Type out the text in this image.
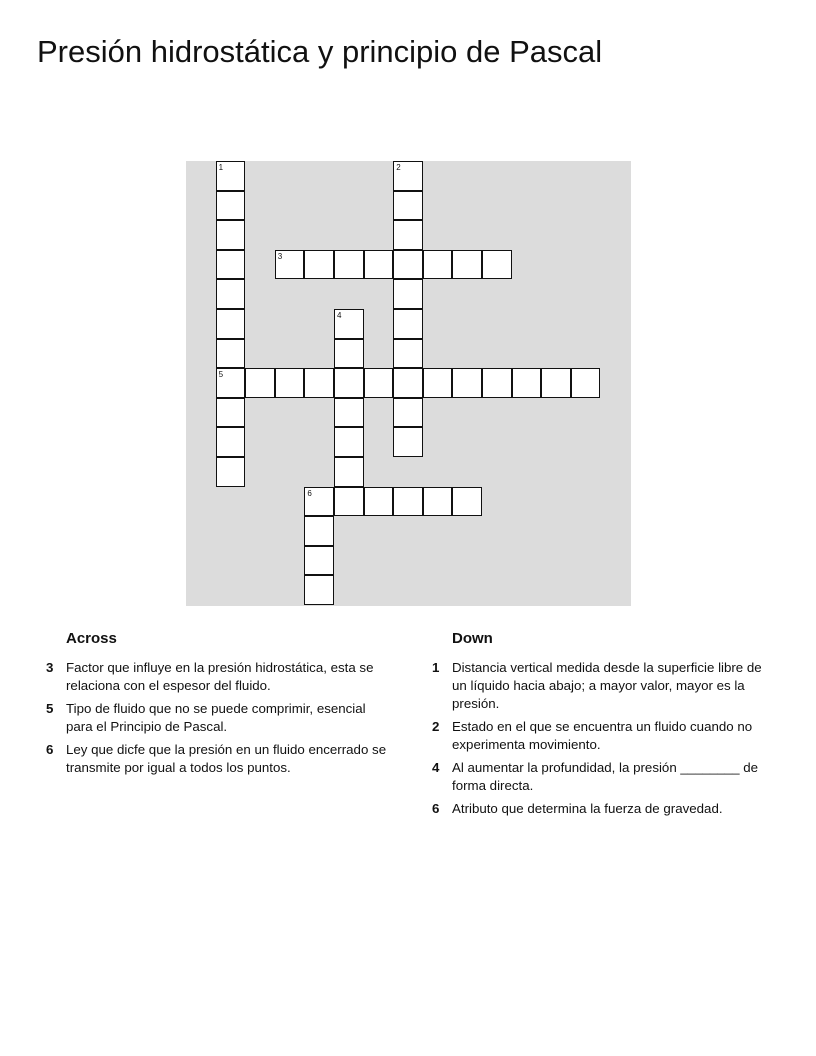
Presión hidrostática y principio de Pascal
1
5
2
3
4
6
Across
3 Factor que influye en la presión hidrostática, esta se relaciona con el espesor del fluido.
5 Tipo de fluido que no se puede comprimir, esencial para el Principio de Pascal.
6 Ley que dicfe que la presión en un fluido encerrado se transmite por igual a todos los puntos.
Down
1 Distancia vertical medida desde la superficie libre de un líquido hacia abajo; a mayor valor, mayor es la presión.
2 Estado en el que se encuentra un fluido cuando no experimenta movimiento.
4 Al aumentar la profundidad, la presión ________ de forma directa.
6 Atributo que determina la fuerza de gravedad.
